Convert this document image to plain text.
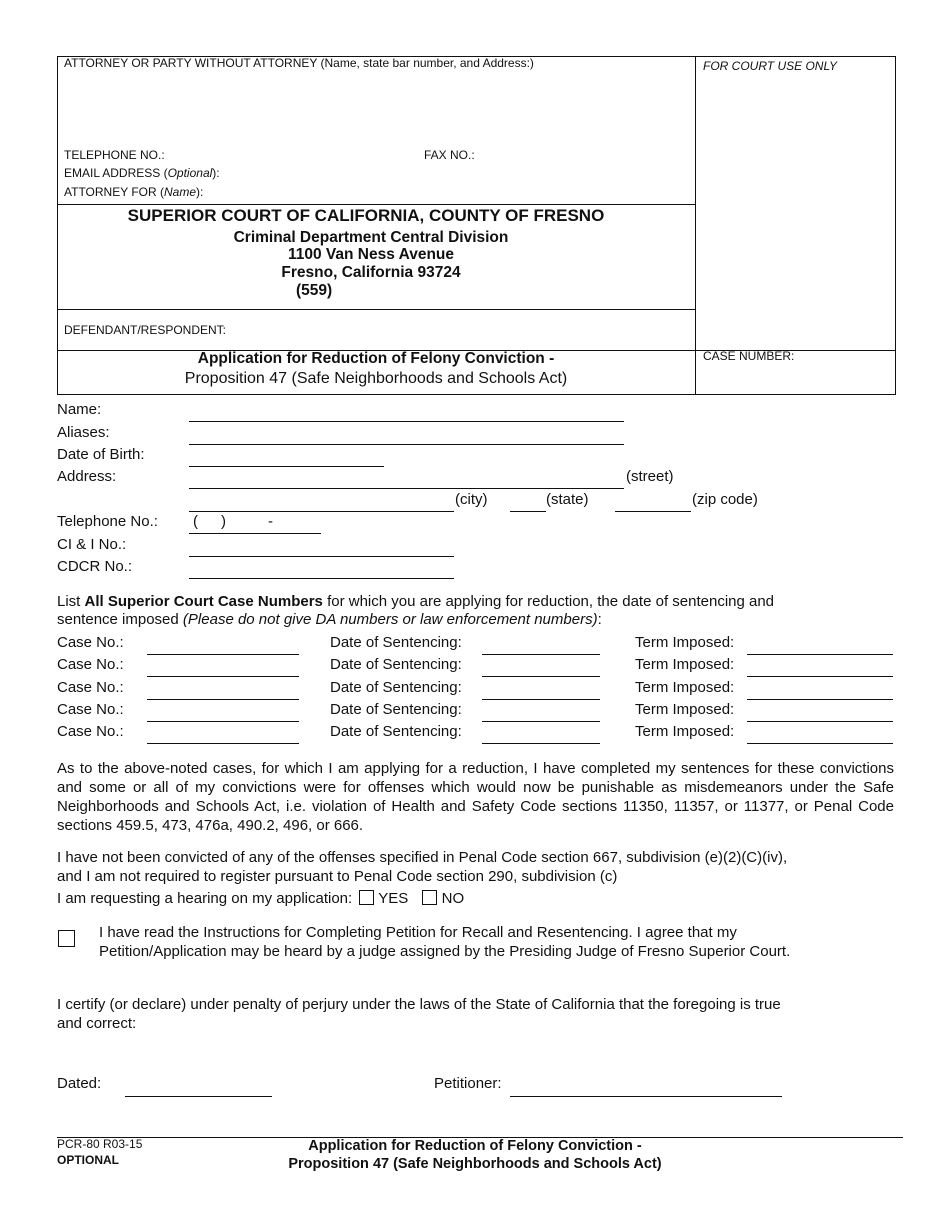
ATTORNEY OR PARTY WITHOUT ATTORNEY (Name, state bar number, and Address:)	FOR COURT USE ONLY
TELEPHONE NO.:	FAX NO.:
EMAIL ADDRESS (Optional):
ATTORNEY FOR (Name):
SUPERIOR COURT OF CALIFORNIA, COUNTY OF FRESNO
Criminal Department Central Division
1100 Van Ness Avenue
Fresno, California 93724
(559)
DEFENDANT/RESPONDENT:
CASE NUMBER:
Application for Reduction of Felony Conviction -
Proposition 47 (Safe Neighborhoods and Schools Act)
Name:
Aliases:
Date of Birth:
Address:	(street)
(city)	(state)	(zip code)
Telephone No.: ( )	-
CI & I No.:
CDCR No.:
List All Superior Court Case Numbers for which you are applying for reduction, the date of sentencing and
sentence imposed (Please do not give DA numbers or law enforcement numbers):
Case No.:	Date of Sentencing:	Term Imposed:
Case No.:	Date of Sentencing:	Term Imposed:
Case No.:	Date of Sentencing:	Term Imposed:
Case No.:	Date of Sentencing:	Term Imposed:
Case No.:	Date of Sentencing:	Term Imposed:
As to the above-noted cases, for which I am applying for a reduction, I have completed my sentences for these convictions and some or all of my convictions were for offenses which would now be punishable as misdemeanors under the Safe Neighborhoods and Schools Act, i.e. violation of Health and Safety Code sections 11350, 11357, or 11377, or Penal Code sections 459.5, 473, 476a, 490.2, 496, or 666.
I have not been convicted of any of the offenses specified in Penal Code section 667, subdivision (e)(2)(C)(iv),
and I am not required to register pursuant to Penal Code section 290, subdivision (c)
I am requesting a hearing on my application: YES NO
I have read the Instructions for Completing Petition for Recall and Resentencing. I agree that my
Petition/Application may be heard by a judge assigned by the Presiding Judge of Fresno Superior Court.
I certify (or declare) under penalty of perjury under the laws of the State of California that the foregoing is true
and correct:
Dated:	Petitioner:
PCR-80 R03-15
OPTIONAL
Application for Reduction of Felony Conviction -
Proposition 47 (Safe Neighborhoods and Schools Act)
